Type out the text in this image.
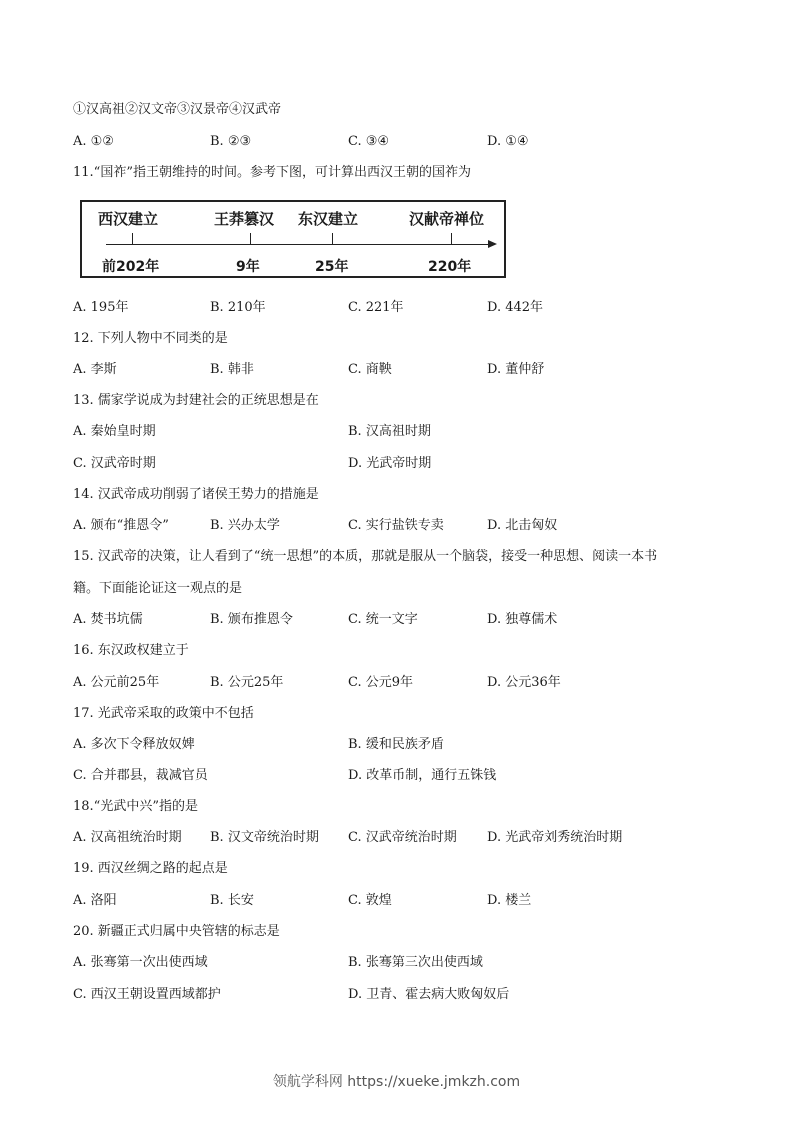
①汉高祖②汉文帝③汉景帝④汉武帝
A. ①②	B. ②③	C. ③④	D. ①④
11.“国祚”指王朝维持的时间。参考下图，可计算出西汉王朝的国祚为
西汉建立	王莽篡汉 东汉建立	汉献帝禅位
前202年	9年	25年	220年
A. 195年	B. 210年	C. 221年	D. 442年
12. 下列人物中不同类的是
A. 李斯	B. 韩非	C. 商鞅	D. 董仲舒
13. 儒家学说成为封建社会的正统思想是在
A. 秦始皇时期	B. 汉高祖时期
C. 汉武帝时期	D. 光武帝时期
14. 汉武帝成功削弱了诸侯王势力的措施是
A. 颁布“推恩令”	B. 兴办太学	C. 实行盐铁专卖	D. 北击匈奴
15. 汉武帝的决策，让人看到了“统一思想”的本质，那就是服从一个脑袋，接受一种思想、阅读一本书
籍。下面能论证这一观点的是
A. 焚书坑儒	B. 颁布推恩令	C. 统一文字	D. 独尊儒术
16. 东汉政权建立于
A. 公元前25年	B. 公元25年	C. 公元9年	D. 公元36年
17. 光武帝采取的政策中不包括
A. 多次下令释放奴婢	B. 缓和民族矛盾
C. 合并郡县，裁减官员	D. 改革币制，通行五铢钱
18.“光武中兴”指的是
A. 汉高祖统治时期 B. 汉文帝统治时期 C. 汉武帝统治时期 D. 光武帝刘秀统治时期
19. 西汉丝绸之路的起点是
A. 洛阳	B. 长安	C. 敦煌	D. 楼兰
20. 新疆正式归属中央管辖的标志是
A. 张骞第一次出使西域	B. 张骞第三次出使西域
C. 西汉王朝设置西域都护	D. 卫青、霍去病大败匈奴后
领航学科网 https://xueke.jmkzh.com
